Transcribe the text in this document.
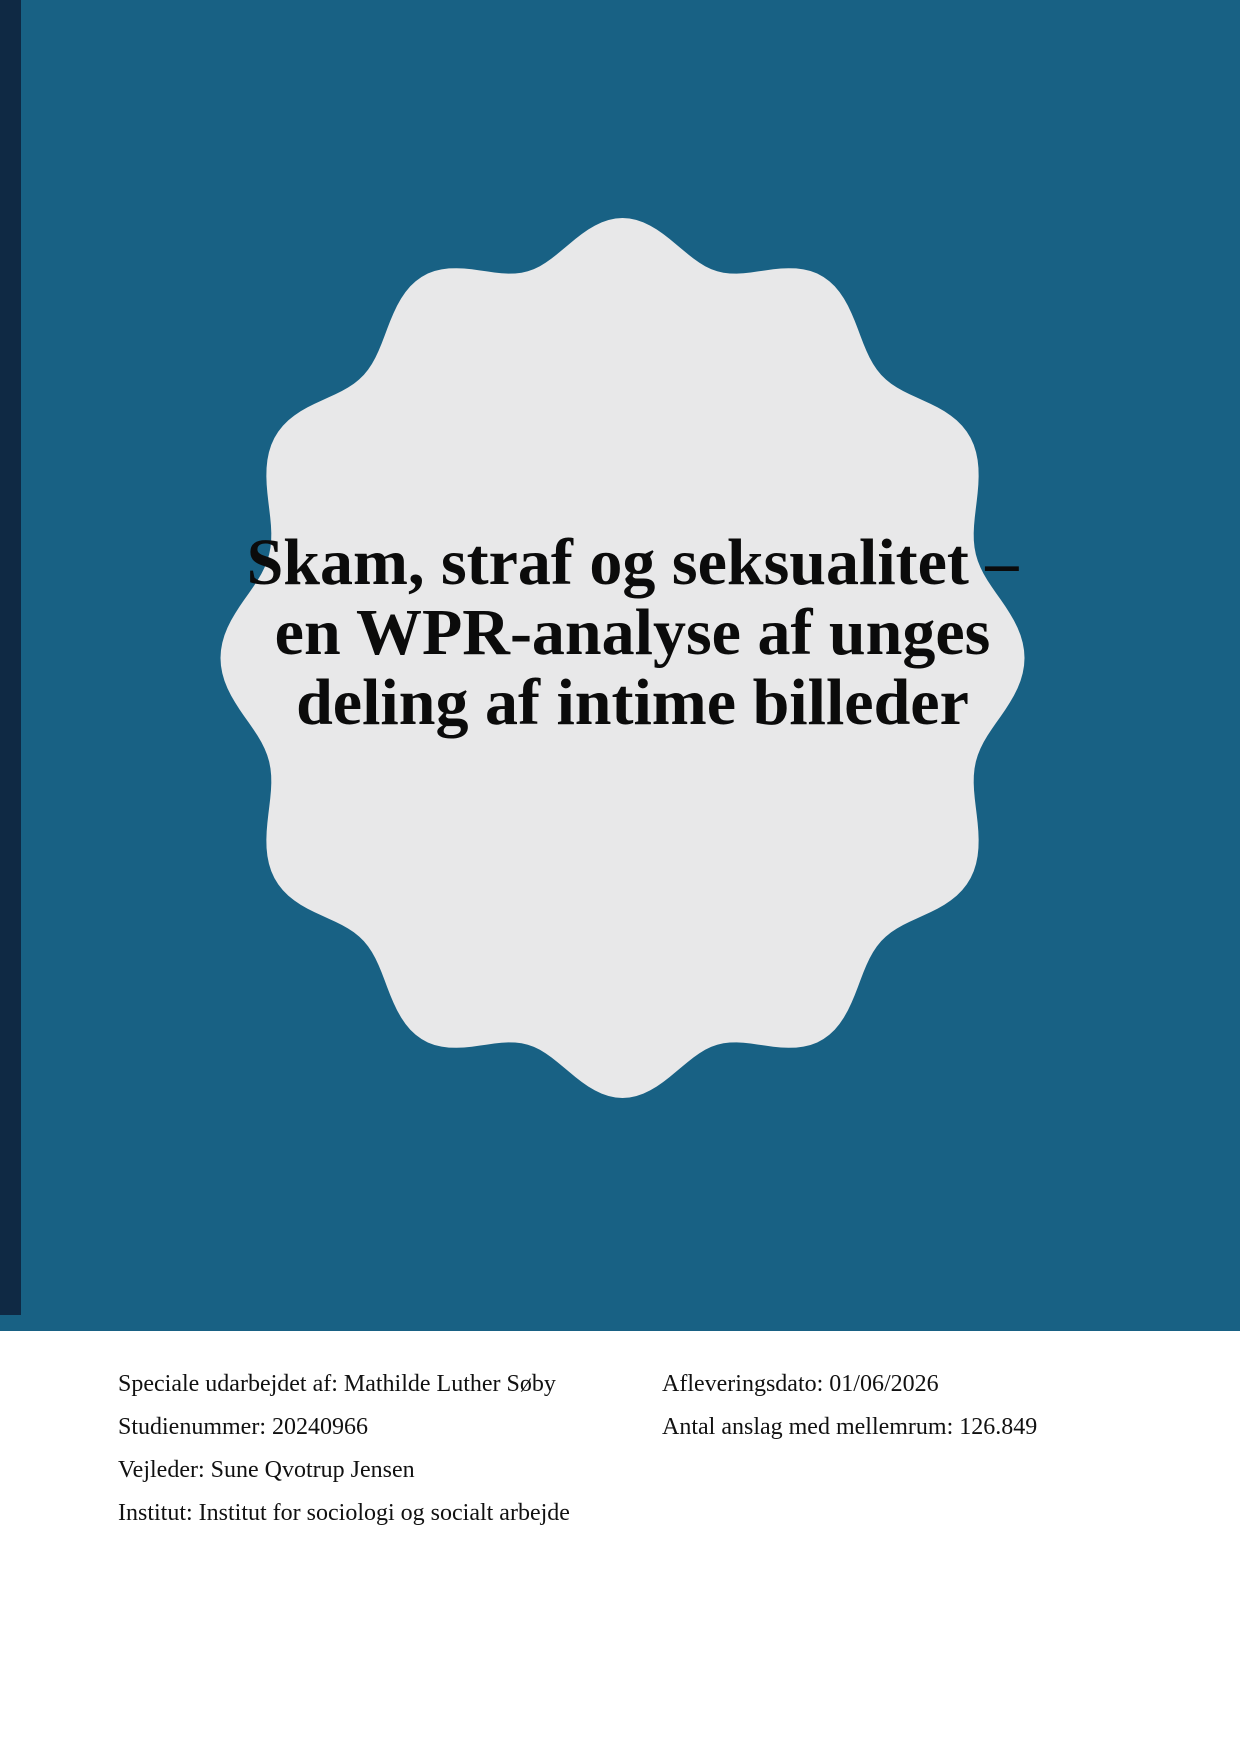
Skam, straf og seksualitet –
en WPR-analyse af unges
deling af intime billeder
Speciale udarbejdet af: Mathilde Luther Søby
Studienummer: 20240966
Vejleder: Sune Qvotrup Jensen
Institut: Institut for sociologi og socialt arbejde
Afleveringsdato: 01/06/2026
Antal anslag med mellemrum: 126.849
